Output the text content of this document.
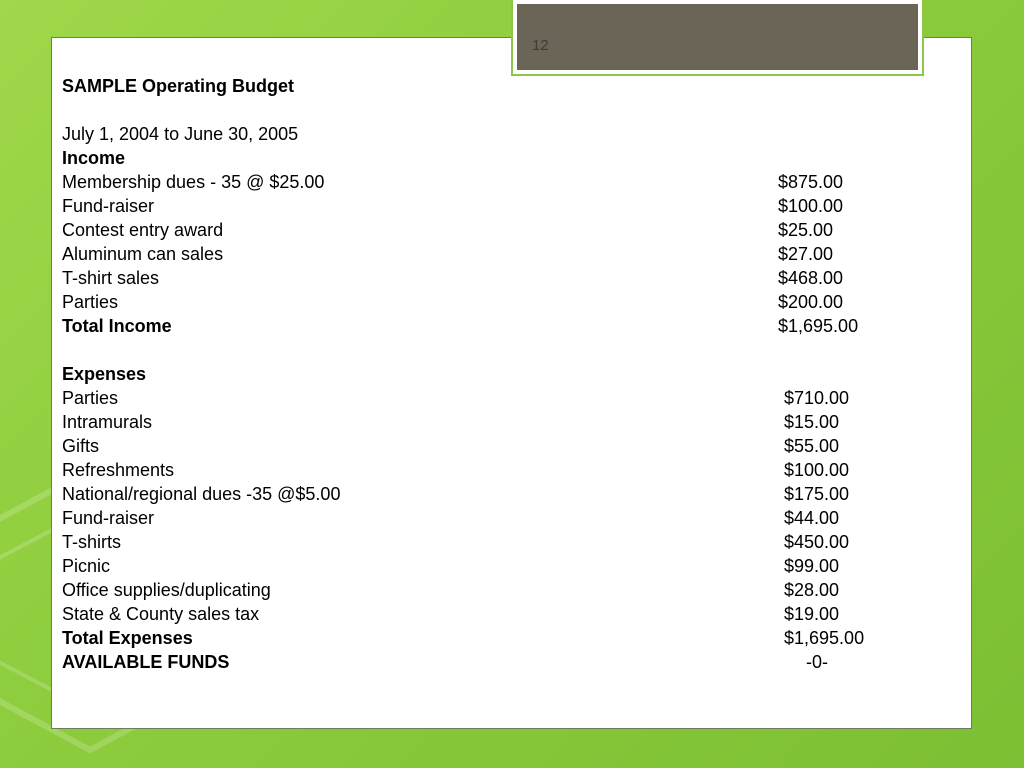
12
SAMPLE Operating Budget
July 1, 2004 to June 30, 2005
Income
Membership dues - 35 @ $25.00	$875.00
Fund-raiser	$100.00
Contest entry award	$25.00
Aluminum can sales	$27.00
T-shirt sales	$468.00
Parties	$200.00
Total Income	$1,695.00
Expenses
Parties	$710.00
Intramurals	$15.00
Gifts	$55.00
Refreshments	$100.00
National/regional dues -35 @$5.00	$175.00
Fund-raiser	$44.00
T-shirts	$450.00
Picnic	$99.00
Office supplies/duplicating	$28.00
State & County sales tax	$19.00
Total Expenses	$1,695.00
AVAILABLE FUNDS	-0-
